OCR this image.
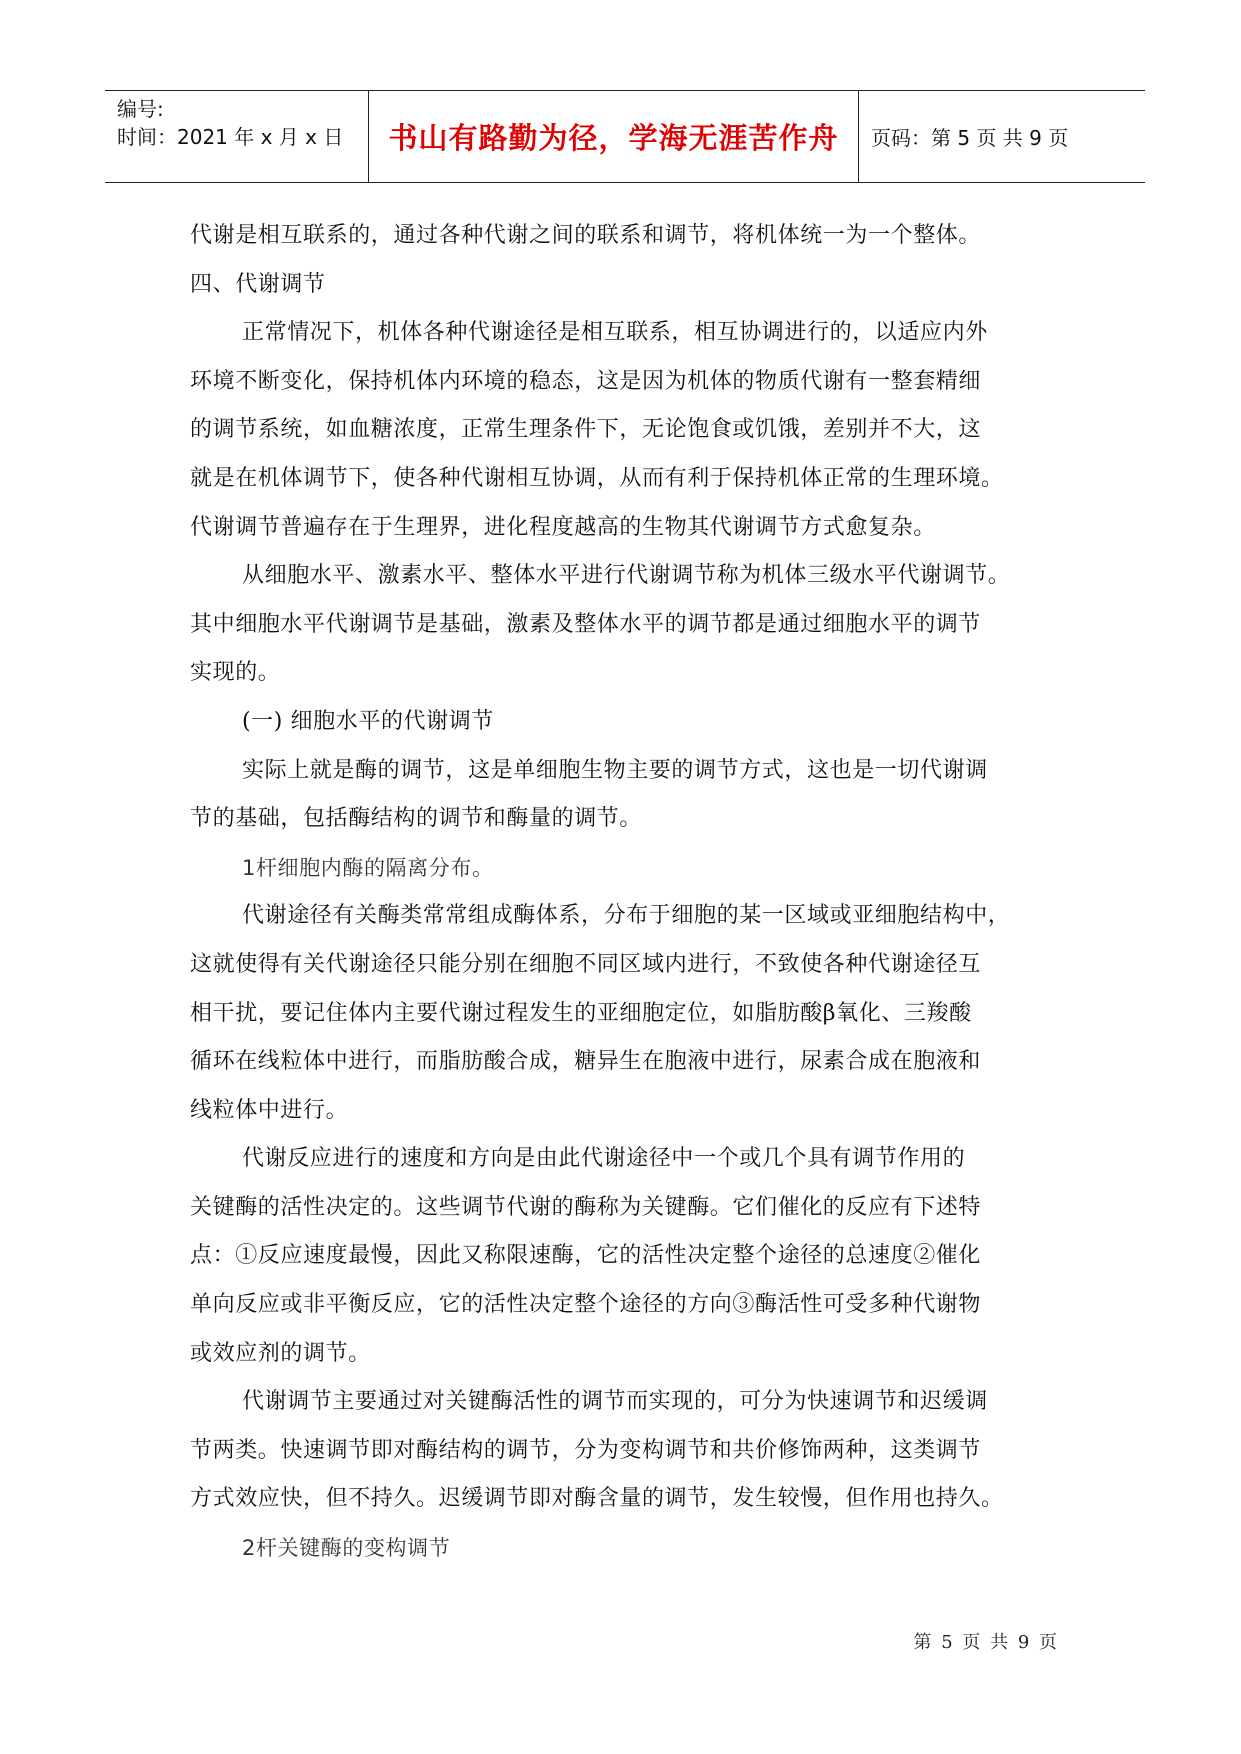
编号:
时间：2021 年 x 月 x 日 书山有路勤为径，学海无涯苦作舟 页码：第 5 页 共 9 页
代谢是相互联系的，通过各种代谢之间的联系和调节，将机体统一为一个整体。
四、代谢调节
正常情况下，机体各种代谢途径是相互联系，相互协调进行的，以适应内外
环境不断变化，保持机体内环境的稳态，这是因为机体的物质代谢有一整套精细
的调节系统，如血糖浓度，正常生理条件下，无论饱食或饥饿，差别并不大，这
就是在机体调节下，使各种代谢相互协调，从而有利于保持机体正常的生理环境。
代谢调节普遍存在于生理界，进化程度越高的生物其代谢调节方式愈复杂。
从细胞水平、激素水平、整体水平进行代谢调节称为机体三级水平代谢调节。
其中细胞水平代谢调节是基础，激素及整体水平的调节都是通过细胞水平的调节
实现的。
(一) 细胞水平的代谢调节
实际上就是酶的调节，这是单细胞生物主要的调节方式，这也是一切代谢调
节的基础，包括酶结构的调节和酶量的调节。
1杆细胞内酶的隔离分布。
代谢途径有关酶类常常组成酶体系，分布于细胞的某一区域或亚细胞结构中，
这就使得有关代谢途径只能分别在细胞不同区域内进行，不致使各种代谢途径互
相干扰，要记住体内主要代谢过程发生的亚细胞定位，如脂肪酸β氧化、三羧酸
循环在线粒体中进行，而脂肪酸合成，糖异生在胞液中进行，尿素合成在胞液和
线粒体中进行。
代谢反应进行的速度和方向是由此代谢途径中一个或几个具有调节作用的
关键酶的活性决定的。这些调节代谢的酶称为关键酶。它们催化的反应有下述特
点：①反应速度最慢，因此又称限速酶，它的活性决定整个途径的总速度②催化
单向反应或非平衡反应，它的活性决定整个途径的方向③酶活性可受多种代谢物
或效应剂的调节。
代谢调节主要通过对关键酶活性的调节而实现的，可分为快速调节和迟缓调
节两类。快速调节即对酶结构的调节，分为变构调节和共价修饰两种，这类调节
方式效应快，但不持久。迟缓调节即对酶含量的调节，发生较慢，但作用也持久。
2杆关键酶的变构调节
第 5 页 共 9 页
